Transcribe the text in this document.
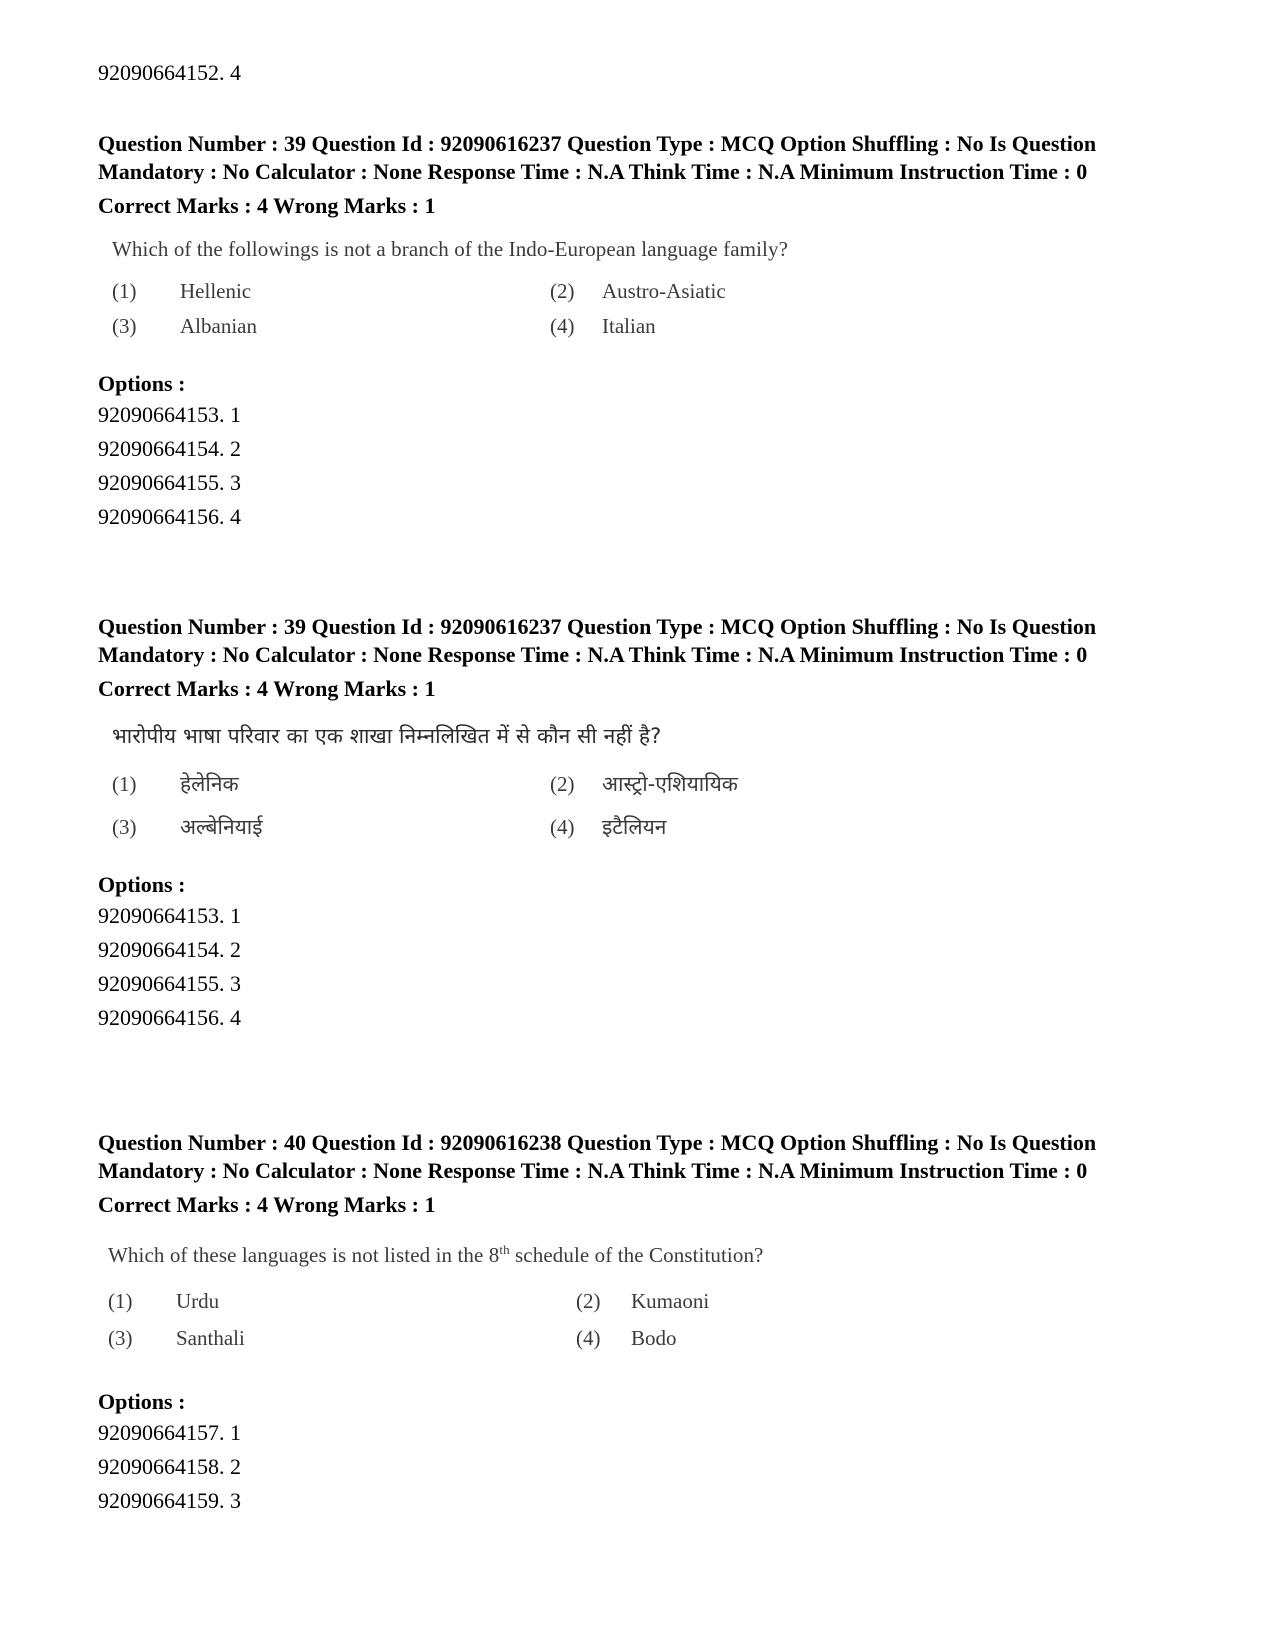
92090664152. 4

Question Number : 39 Question Id : 92090616237 Question Type : MCQ Option Shuffling : No Is Question Mandatory : No Calculator : None Response Time : N.A Think Time : N.A Minimum Instruction Time : 0

Correct Marks : 4 Wrong Marks : 1
Which of the followings is not a branch of the Indo-European language family?
(1) Hellenic	(2) Austro-Asiatic
(3) Albanian	(4) Italian
Options :
92090664153. 1
92090664154. 2
92090664155. 3
92090664156. 4

Question Number : 39 Question Id : 92090616237 Question Type : MCQ Option Shuffling : No Is Question Mandatory : No Calculator : None Response Time : N.A Think Time : N.A Minimum Instruction Time : 0

Correct Marks : 4 Wrong Marks : 1
भारोपीय भाषा परिवार का एक शाखा निम्नलिखित में से कौन सी नहीं है?
(1) हेलेनिक	(2) आस्ट्रो-एशियायिक
(3) अल्बेनियाई	(4) इटैलियन
Options :
92090664153. 1
92090664154. 2
92090664155. 3
92090664156. 4

Question Number : 40 Question Id : 92090616238 Question Type : MCQ Option Shuffling : No Is Question Mandatory : No Calculator : None Response Time : N.A Think Time : N.A Minimum Instruction Time : 0

Correct Marks : 4 Wrong Marks : 1
Which of these languages is not listed in the 8th schedule of the Constitution?
(1) Urdu	(2) Kumaoni
(3) Santhali	(4) Bodo
Options :
92090664157. 1
92090664158. 2
92090664159. 3
